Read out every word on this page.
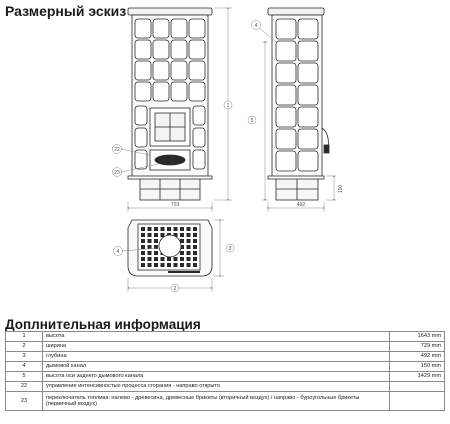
Размерный эскиз
22
23
729
1
4
5
492
150
4	3
2
Доплнительная информация
1	высота	1643 mm
2	ширина	729 mm
3	глубина	492 mm
4	дымовой канал	150 mm
5	высота оси заднего дымового канала	1429 mm
22	управление интенсивностью процесса сгорания - направо открыто	
23	переключатель топлива: налево - древесина, древесные брикеты (вторичный воздух) / направо - бурoугольные брикеты (первичный воздух)	
